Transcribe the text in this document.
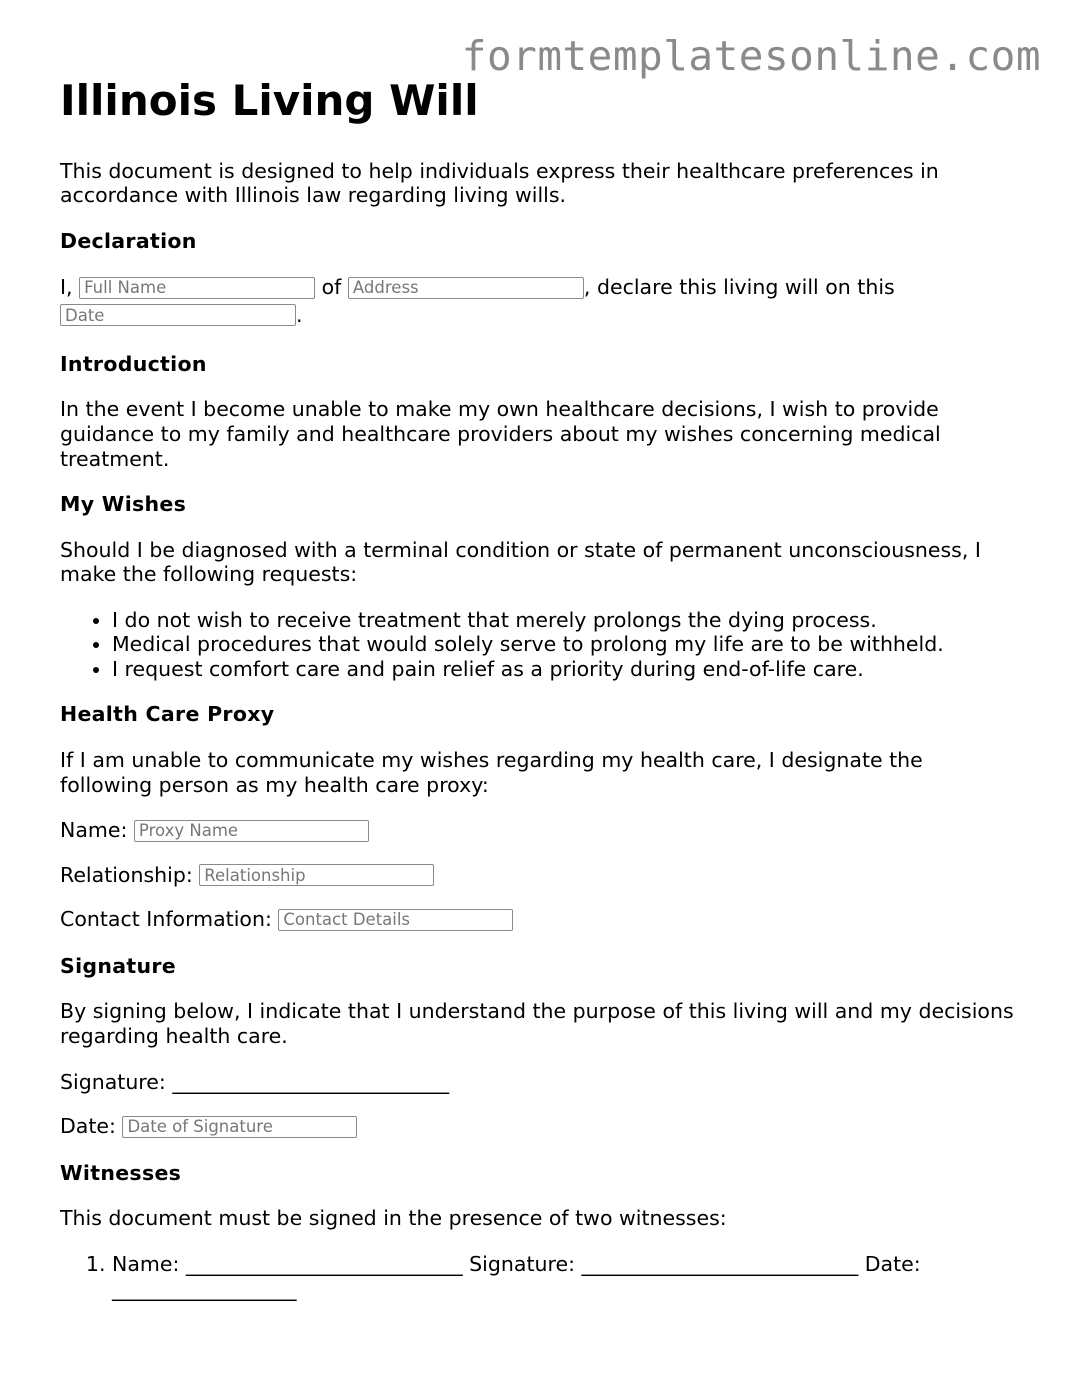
formtemplatesonline.com
Illinois Living Will

This document is designed to help individuals express their healthcare preferences in accordance with Illinois law regarding living wills.

Declaration
I, Full Name	of Address	, declare this living will on this
Date.
Introduction

In the event I become unable to make my own healthcare decisions, I wish to provide guidance to my family and healthcare providers about my wishes concerning medical treatment.

My Wishes

Should I be diagnosed with a terminal condition or state of permanent unconsciousness, I make the following requests:

• I do not wish to receive treatment that merely prolongs the dying process.
• Medical procedures that would solely serve to prolong my life are to be withheld.
• I request comfort care and pain relief as a priority during end-of-life care.
Health Care Proxy

If I am unable to communicate my wishes regarding my health care, I designate the following person as my health care proxy:

Name: Proxy Name
Relationship: Relationship
Contact Information: Contact Details
Signature

By signing below, I indicate that I understand the purpose of this living will and my decisions regarding health care.

Signature: ___________________________
Date: Date of Signature
Witnesses

This document must be signed in the presence of two witnesses:

1. Name: ___________________________ Signature: ___________________________ Date: __________________
